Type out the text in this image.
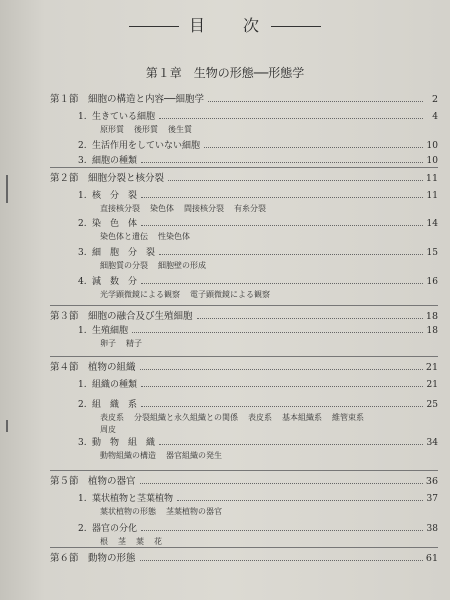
目　　次
第１章　生物の形態──形態学
第１節　細胞の構造と内容──細胞学	2
1. 生きている細胞	4
原形質 後形質 後生質
2. 生活作用をしていない細胞	10
3. 細胞の種類	10
第２節　細胞分裂と核分裂	11
1. 核　分　裂	11
直接核分裂 染色体 間接核分裂 有糸分裂
2. 染　色　体	14
染色体と遺伝 性染色体
3. 細　胞　分　裂	15
細胞質の分裂 細胞壁の形成
4. 減　数　分	16
光学顕微鏡による観察 電子顕微鏡による観察
第３節　細胞の融合及び生殖細胞	18
1. 生殖細胞	18
卵子 精子
第４節　植物の組織	21
1. 組織の種類	21
2. 組　織　系	25
表皮系 分裂組織と永久組織との関係 表皮系 基本組織系 維管束系
周皮
3. 動　物　組　織	34
動物組織の構造 器官組織の発生
第５節　植物の器官	36
1. 葉状植物と茎葉植物	37
葉状植物の形態 茎葉植物の器官
2. 器官の分化	38
根 茎 葉 花
第６節　動物の形態	61
